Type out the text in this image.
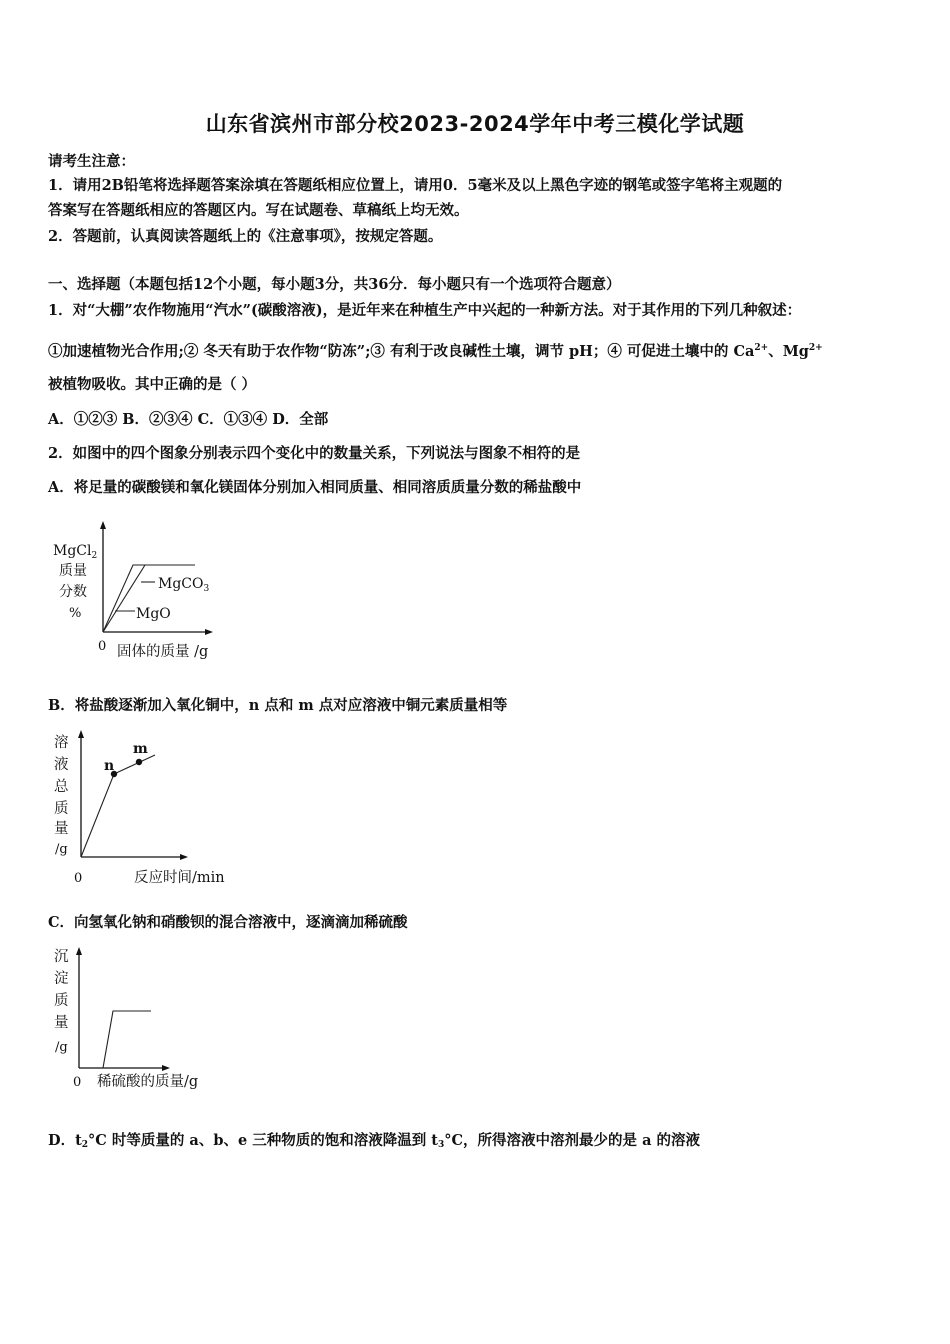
山东省滨州市部分校2023-2024学年中考三模化学试题
请考生注意：
1．请用2B铅笔将选择题答案涂填在答题纸相应位置上，请用0．5毫米及以上黑色字迹的钢笔或签字笔将主观题的
答案写在答题纸相应的答题区内。写在试题卷、草稿纸上均无效。
2．答题前，认真阅读答题纸上的《注意事项》，按规定答题。
一、选择题（本题包括12个小题，每小题3分，共36分．每小题只有一个选项符合题意）
1．对“大棚”农作物施用“汽水”(碳酸溶液)，是近年来在种植生产中兴起的一种新方法。对于其作用的下列几种叙述：
①加速植物光合作用;② 冬天有助于农作物“防冻”;③ 有利于改良碱性土壤，调节 pH；④ 可促进土壤中的 $Ca^{2+}$、$Mg^{2+}$
被植物吸收。其中正确的是（ ）
A．①②③ B．②③④ C．①③④ D．全部
2．如图中的四个图象分别表示四个变化中的数量关系，下列说法与图象不相符的是
A．将足量的碳酸镁和氧化镁固体分别加入相同质量、相同溶质质量分数的稀盐酸中
MgCl$_2$
质量
分数
%
MgCO$_3$
MgO
0 固体的质量 /g
B．将盐酸逐渐加入氧化铜中，n 点和 m 点对应溶液中铜元素质量相等
溶
液
总
质
量
/g
n
m
0	反应时间/min
C．向氢氧化钠和硝酸钡的混合溶液中，逐滴滴加稀硫酸
沉
淀
质
量
/g
0 稀硫酸的质量/g
D．$t_2^\circ C$ 时等质量的 a、b、e 三种物质的饱和溶液降温到 $t_3^\circ C$，所得溶液中溶剂最少的是 a 的溶液
